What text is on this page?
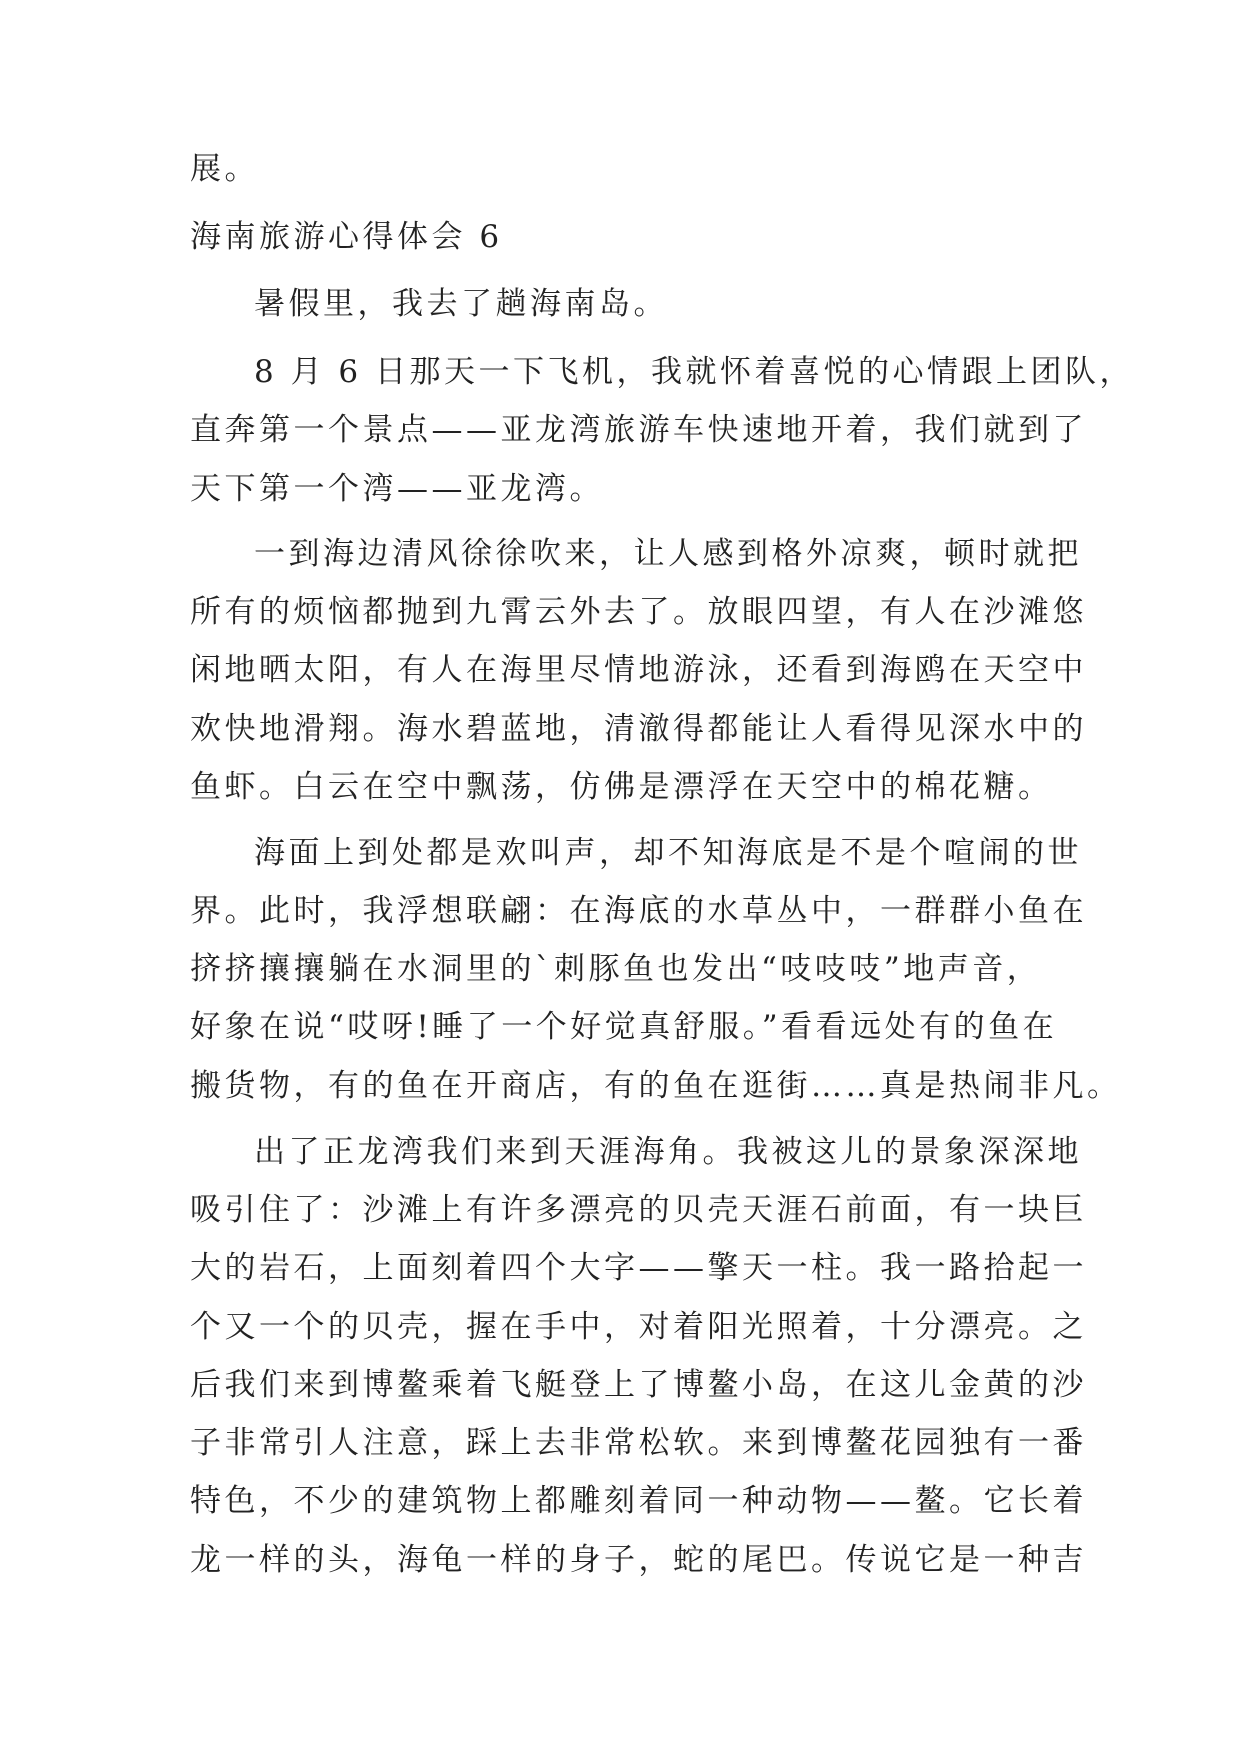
展。
海南旅游心得体会 6
暑假里，我去了趟海南岛。
8 月 6 日那天一下飞机，我就怀着喜悦的心情跟上团队，
直奔第一个景点——亚龙湾旅游车快速地开着，我们就到了
天下第一个湾——亚龙湾。
一到海边清风徐徐吹来，让人感到格外凉爽，顿时就把
所有的烦恼都抛到九霄云外去了。放眼四望，有人在沙滩悠
闲地晒太阳，有人在海里尽情地游泳，还看到海鸥在天空中
欢快地滑翔。海水碧蓝地，清澈得都能让人看得见深水中的
鱼虾。白云在空中飘荡，仿佛是漂浮在天空中的棉花糖。
海面上到处都是欢叫声，却不知海底是不是个喧闹的世
界。此时，我浮想联翩：在海底的水草丛中，一群群小鱼在
挤挤攘攘躺在水洞里的`刺豚鱼也发出“吱吱吱”地声音，
好象在说“哎呀!睡了一个好觉真舒服。”看看远处有的鱼在
搬货物，有的鱼在开商店，有的鱼在逛街……真是热闹非凡。
出了正龙湾我们来到天涯海角。我被这儿的景象深深地
吸引住了：沙滩上有许多漂亮的贝壳天涯石前面，有一块巨
大的岩石，上面刻着四个大字——擎天一柱。我一路拾起一
个又一个的贝壳，握在手中，对着阳光照着，十分漂亮。之
后我们来到博鳌乘着飞艇登上了博鳌小岛，在这儿金黄的沙
子非常引人注意，踩上去非常松软。来到博鳌花园独有一番
特色，不少的建筑物上都雕刻着同一种动物——鳌。它长着
龙一样的头，海龟一样的身子，蛇的尾巴。传说它是一种吉
